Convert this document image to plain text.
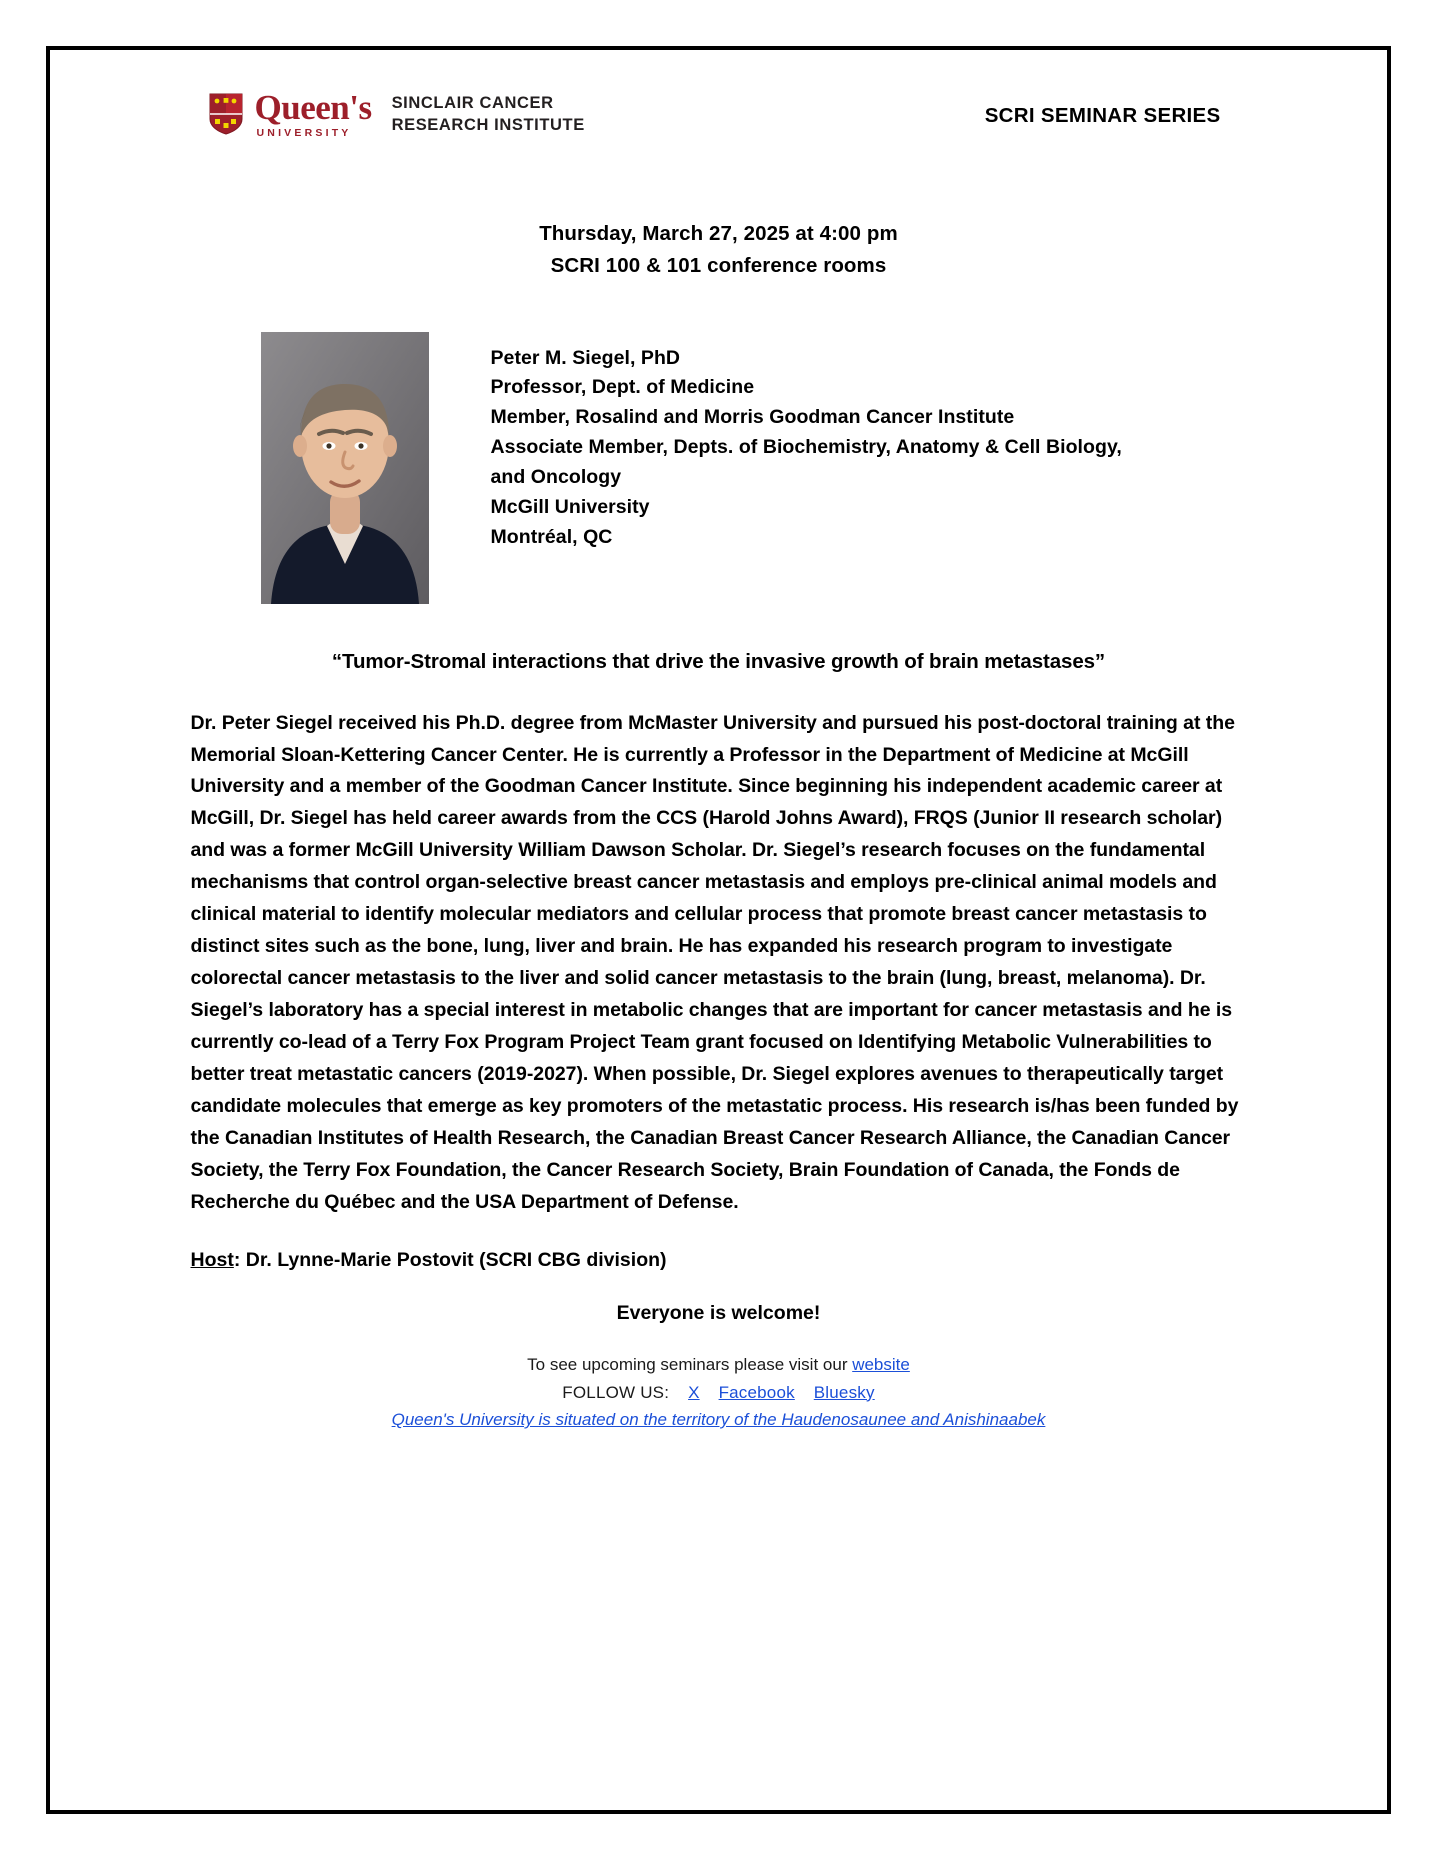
Queen's
UNIVERSITY
SINCLAIR CANCER
RESEARCH INSTITUTE	SCRI SEMINAR SERIES
Thursday, March 27, 2025 at 4:00 pm
SCRI 100 & 101 conference rooms
Peter M. Siegel, PhD
Professor, Dept. of Medicine
Member, Rosalind and Morris Goodman Cancer Institute
Associate Member, Depts. of Biochemistry, Anatomy & Cell Biology,
and Oncology
McGill University
Montréal, QC
“Tumor-Stromal interactions that drive the invasive growth of brain metastases”
Dr. Peter Siegel received his Ph.D. degree from McMaster University and pursued his post-doctoral training at the Memorial Sloan-Kettering Cancer Center. He is currently a Professor in the Department of Medicine at McGill University and a member of the Goodman Cancer Institute. Since beginning his independent academic career at McGill, Dr. Siegel has held career awards from the CCS (Harold Johns Award), FRQS (Junior II research scholar) and was a former McGill University William Dawson Scholar. Dr. Siegel’s research focuses on the fundamental mechanisms that control organ-selective breast cancer metastasis and employs pre-clinical animal models and clinical material to identify molecular mediators and cellular process that promote breast cancer metastasis to distinct sites such as the bone, lung, liver and brain. He has expanded his research program to investigate colorectal cancer metastasis to the liver and solid cancer metastasis to the brain (lung, breast, melanoma). Dr. Siegel’s laboratory has a special interest in metabolic changes that are important for cancer metastasis and he is currently co-lead of a Terry Fox Program Project Team grant focused on Identifying Metabolic Vulnerabilities to better treat metastatic cancers (2019-2027). When possible, Dr. Siegel explores avenues to therapeutically target candidate molecules that emerge as key promoters of the metastatic process. His research is/has been funded by the Canadian Institutes of Health Research, the Canadian Breast Cancer Research Alliance, the Canadian Cancer Society, the Terry Fox Foundation, the Cancer Research Society, Brain Foundation of Canada, the Fonds de Recherche du Québec and the USA Department of Defense.
Host: Dr. Lynne-Marie Postovit (SCRI CBG division)
Everyone is welcome!
To see upcoming seminars please visit our website
FOLLOW US: X Facebook Bluesky
Queen's University is situated on the territory of the Haudenosaunee and Anishinaabek
